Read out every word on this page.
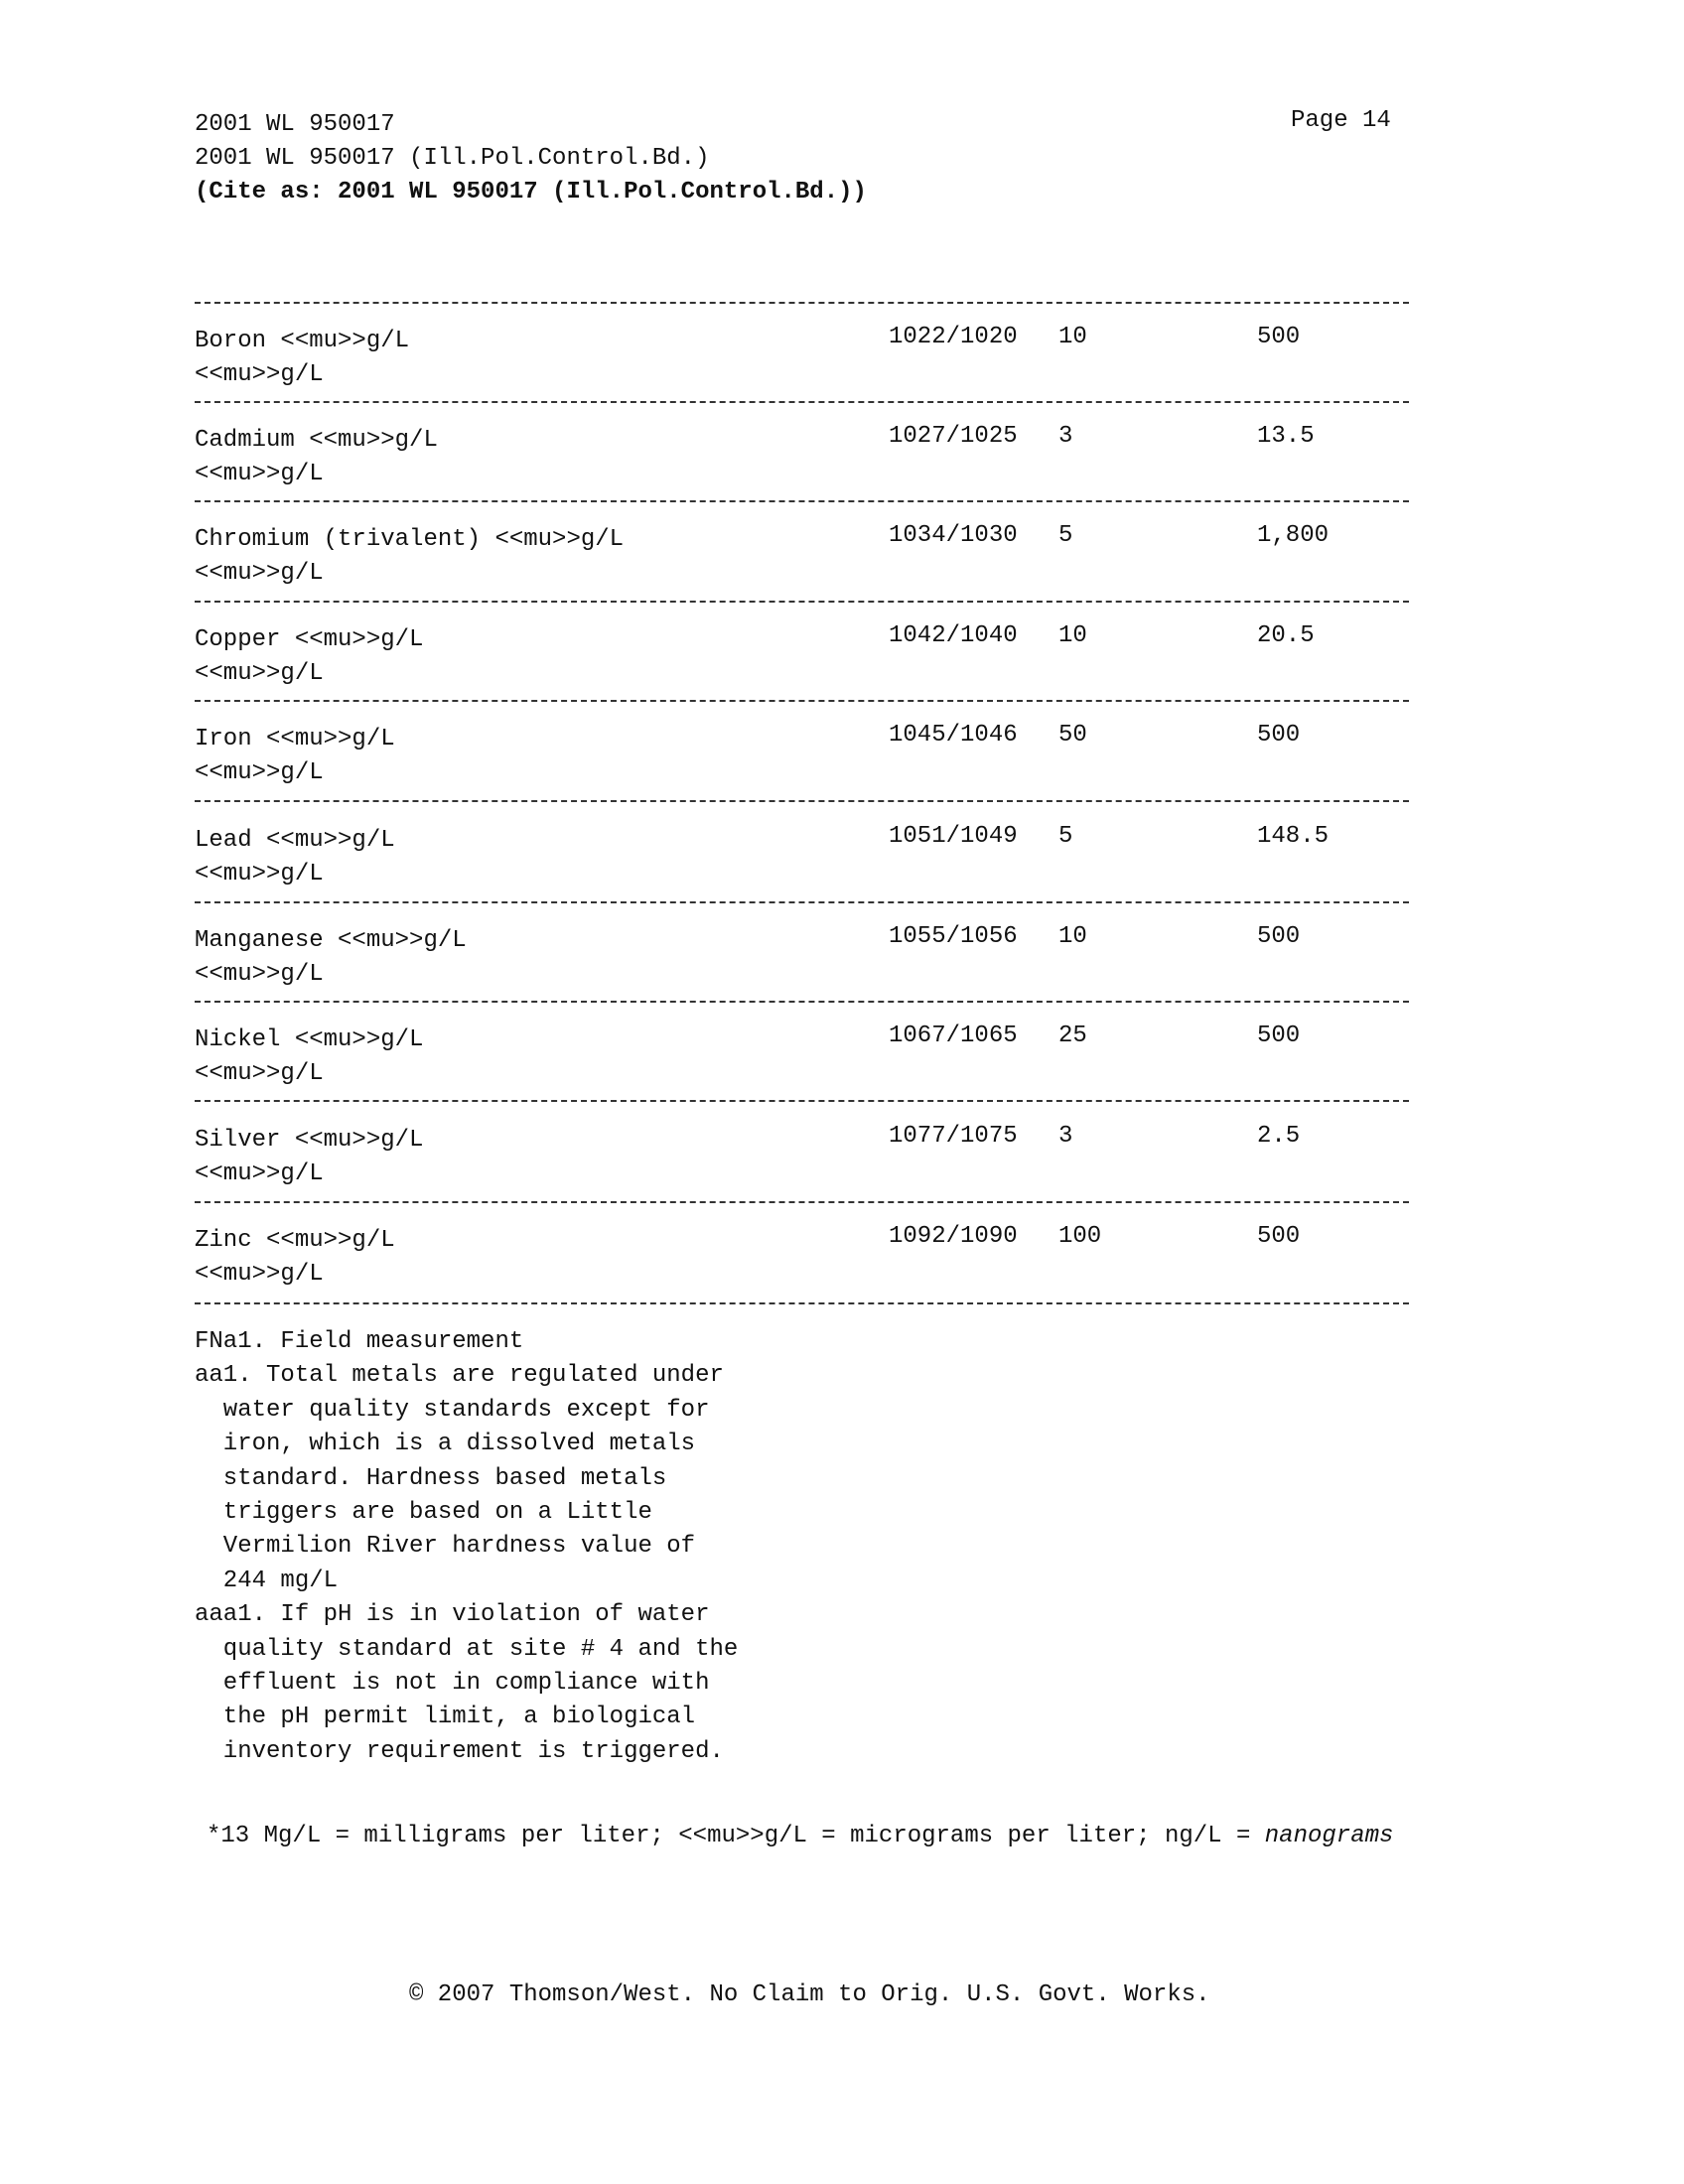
2001 WL 950017
2001 WL 950017 (Ill.Pol.Control.Bd.)
(Cite as: 2001 WL 950017 (Ill.Pol.Control.Bd.))
Page 14
Boron <<mu>>g/L
<<mu>>g/L
1022/1020 10	500
Cadmium <<mu>>g/L
<<mu>>g/L
1027/1025 3	13.5
Chromium (trivalent) <<mu>>g/L
<<mu>>g/L
1034/1030 5	1,800
Copper <<mu>>g/L
<<mu>>g/L
1042/1040 10	20.5
Iron <<mu>>g/L
<<mu>>g/L
1045/1046 50	500
Lead <<mu>>g/L
<<mu>>g/L
1051/1049 5	148.5
Manganese <<mu>>g/L
<<mu>>g/L
1055/1056 10	500
Nickel <<mu>>g/L
<<mu>>g/L
1067/1065 25	500
Silver <<mu>>g/L
<<mu>>g/L
1077/1075 3	2.5
Zinc <<mu>>g/L
<<mu>>g/L
1092/1090 100	500
FNa1. Field measurement
aa1. Total metals are regulated under
water quality standards except for
iron, which is a dissolved metals
standard. Hardness based metals
triggers are based on a Little
Vermilion River hardness value of
244 mg/L
aaa1. If pH is in violation of water
quality standard at site # 4 and the
effluent is not in compliance with
the pH permit limit, a biological
inventory requirement is triggered.
*13 Mg/L = milligrams per liter; <<mu>>g/L = micrograms per liter; ng/L = nanograms
© 2007 Thomson/West. No Claim to Orig. U.S. Govt. Works.
